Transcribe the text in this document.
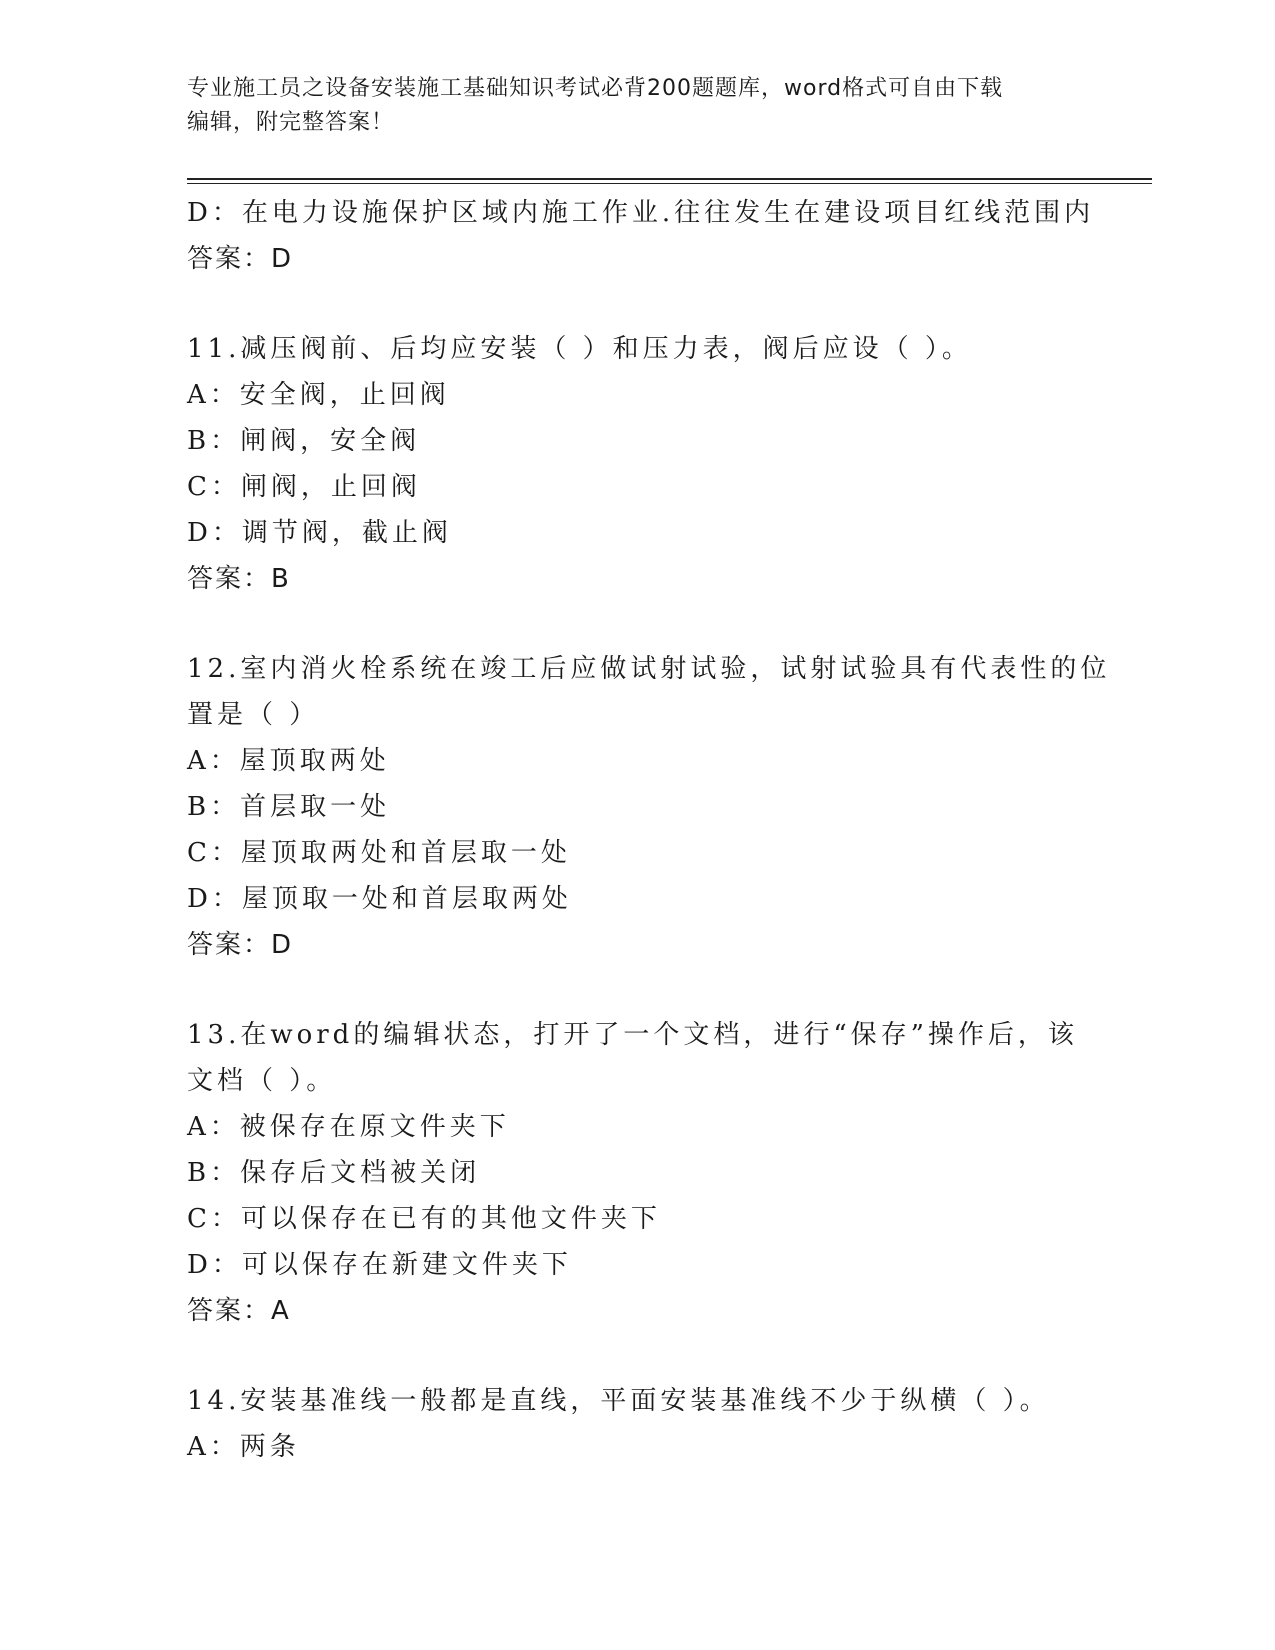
专业施工员之设备安装施工基础知识考试必背200题题库，word格式可自由下载
编辑，附完整答案！
D：在电力设施保护区域内施工作业.往往发生在建设项目红线范围内
答案：D
11.减压阀前、后均应安装（ ）和压力表，阀后应设（ ）。
A：安全阀，止回阀
B：闸阀，安全阀
C：闸阀，止回阀
D：调节阀，截止阀
答案：B
12.室内消火栓系统在竣工后应做试射试验，试射试验具有代表性的位
置是（ ）
A：屋顶取两处
B：首层取一处
C：屋顶取两处和首层取一处
D：屋顶取一处和首层取两处
答案：D
13.在word的编辑状态，打开了一个文档，进行“保存”操作后，该
文档（ ）。
A：被保存在原文件夹下
B：保存后文档被关闭
C：可以保存在已有的其他文件夹下
D：可以保存在新建文件夹下
答案：A
14.安装基准线一般都是直线，平面安装基准线不少于纵横（ ）。
A：两条
